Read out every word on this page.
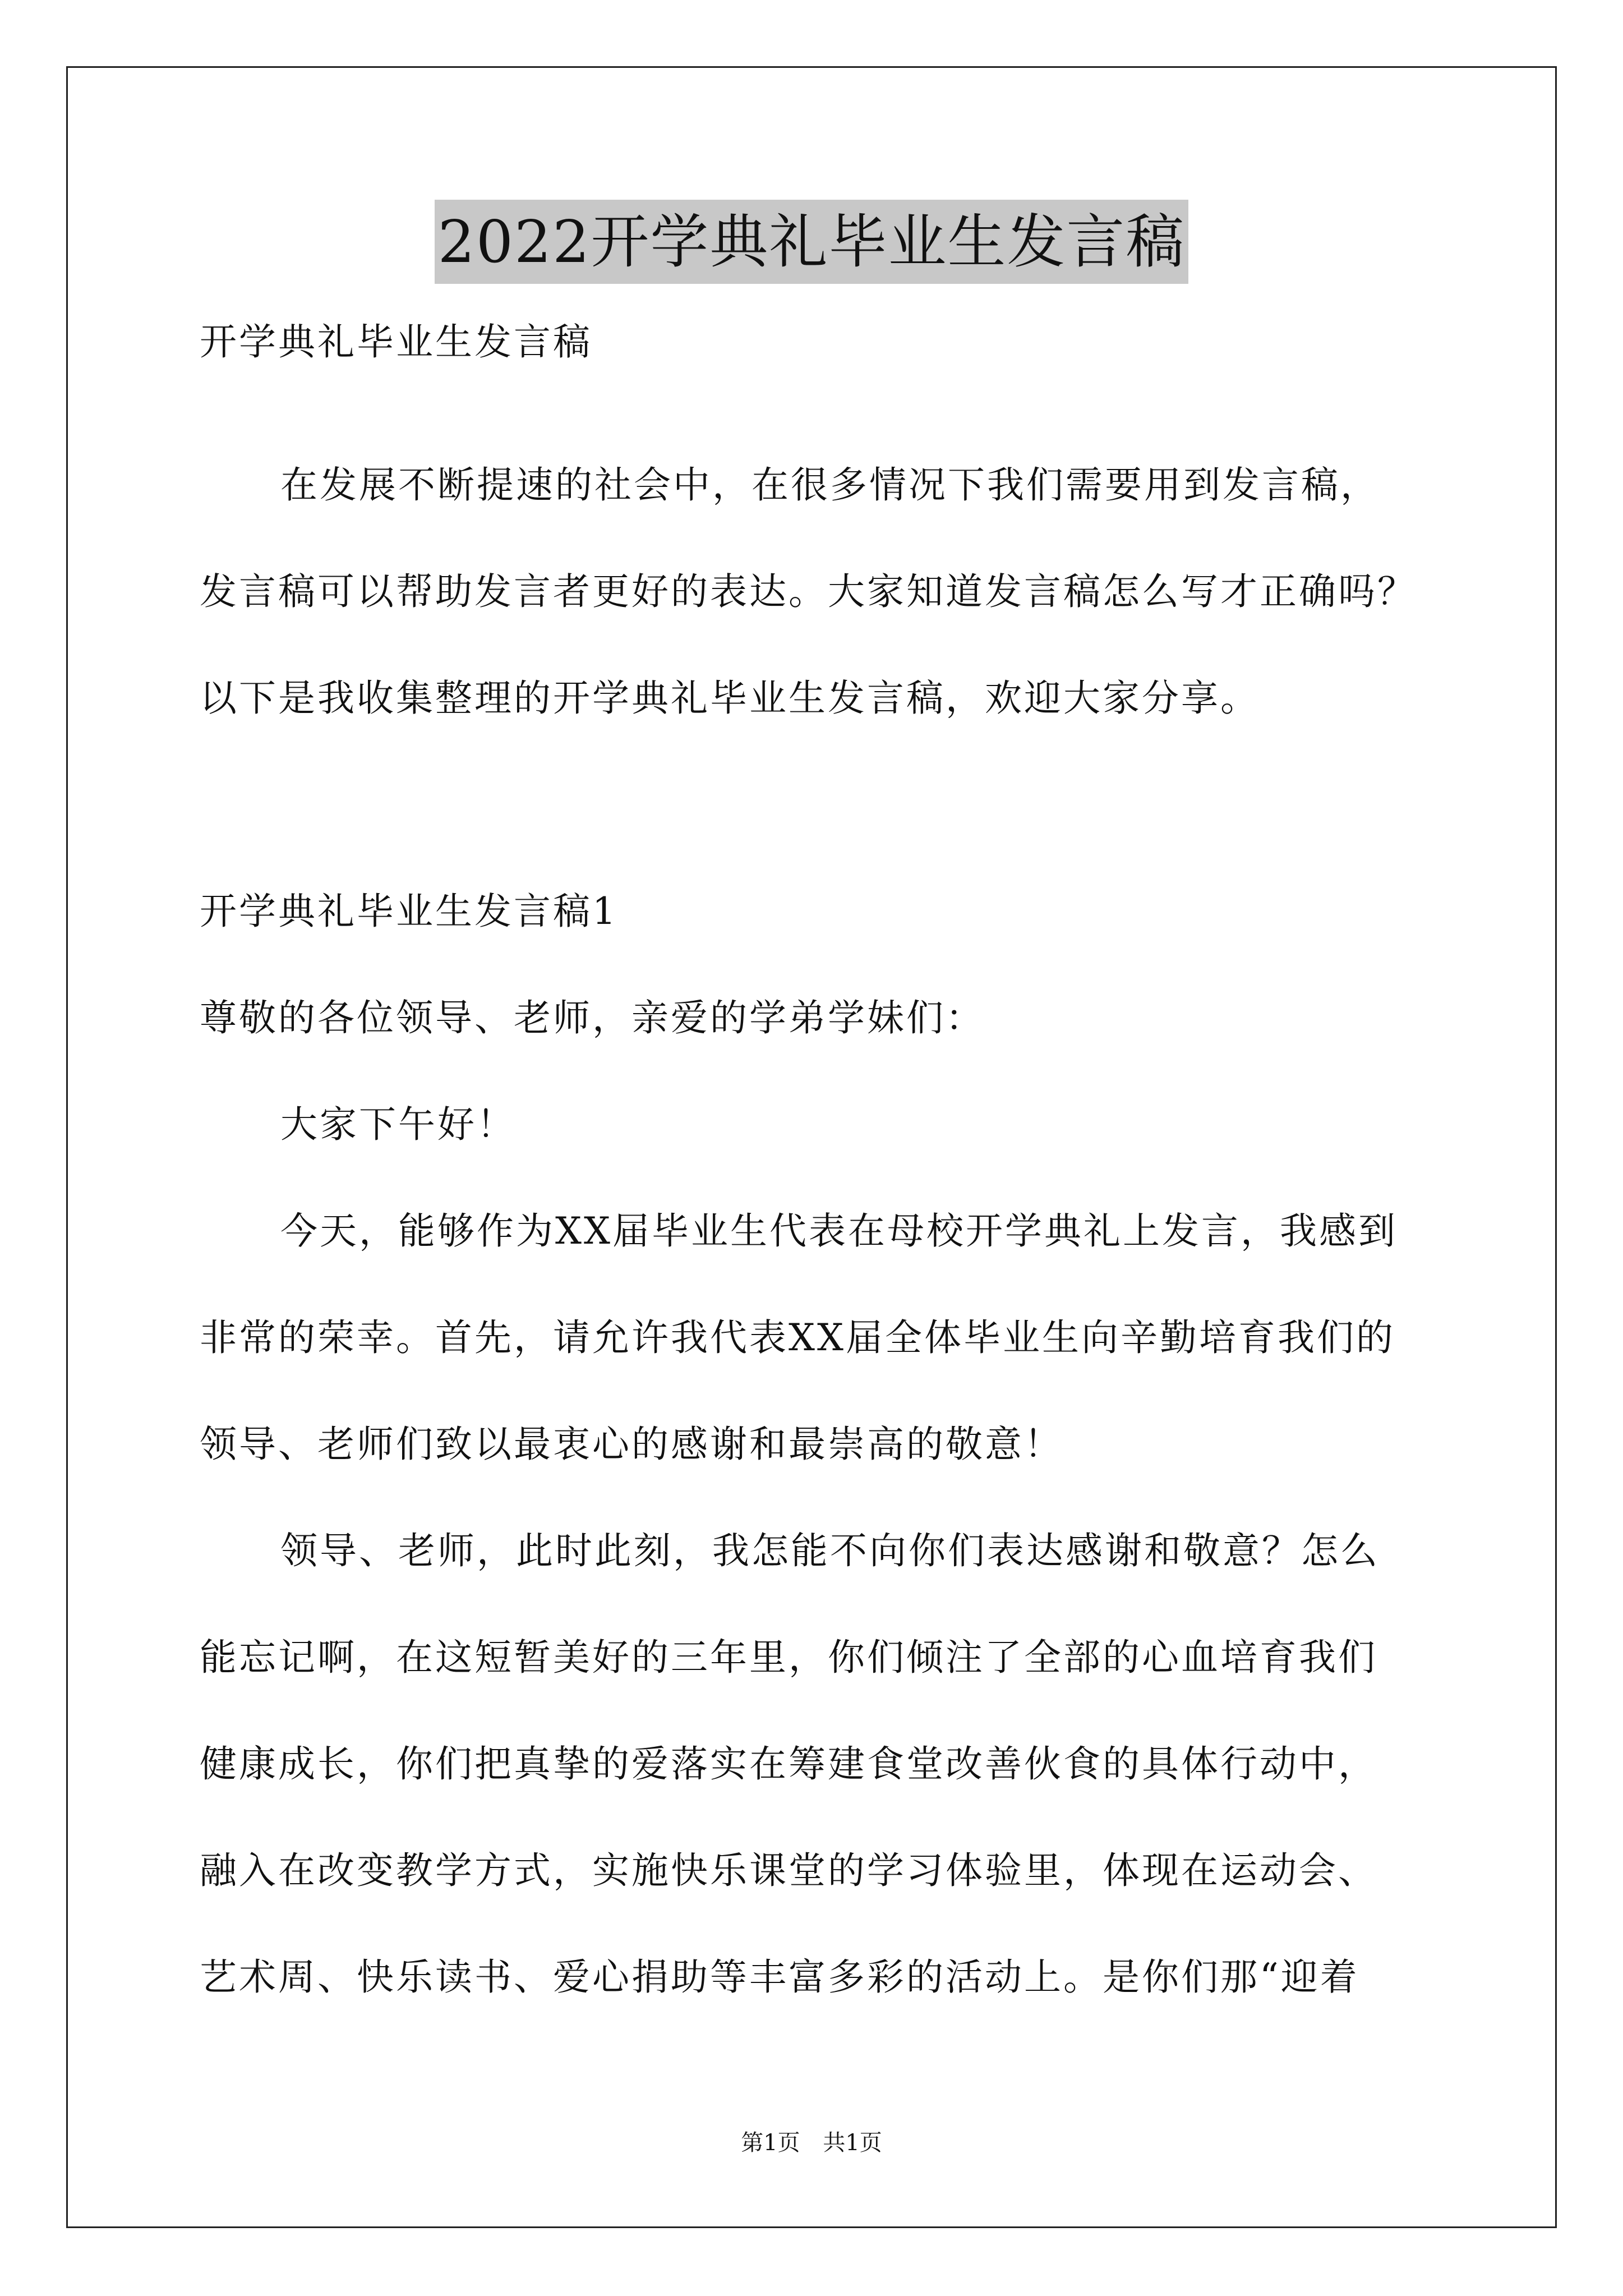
2022开学典礼毕业生发言稿
开学典礼毕业生发言稿
在发展不断提速的社会中，在很多情况下我们需要用到发言稿，
发言稿可以帮助发言者更好的表达。大家知道发言稿怎么写才正确吗？
以下是我收集整理的开学典礼毕业生发言稿，欢迎大家分享。
开学典礼毕业生发言稿1
尊敬的各位领导、老师，亲爱的学弟学妹们：
大家下午好！
今天，能够作为XX届毕业生代表在母校开学典礼上发言，我感到
非常的荣幸。首先，请允许我代表XX届全体毕业生向辛勤培育我们的
领导、老师们致以最衷心的感谢和最崇高的敬意！
领导、老师，此时此刻，我怎能不向你们表达感谢和敬意？怎么
能忘记啊，在这短暂美好的三年里，你们倾注了全部的心血培育我们
健康成长，你们把真挚的爱落实在筹建食堂改善伙食的具体行动中，
融入在改变教学方式，实施快乐课堂的学习体验里，体现在运动会、
艺术周、快乐读书、爱心捐助等丰富多彩的活动上。是你们那“迎着
第1页 共1页
